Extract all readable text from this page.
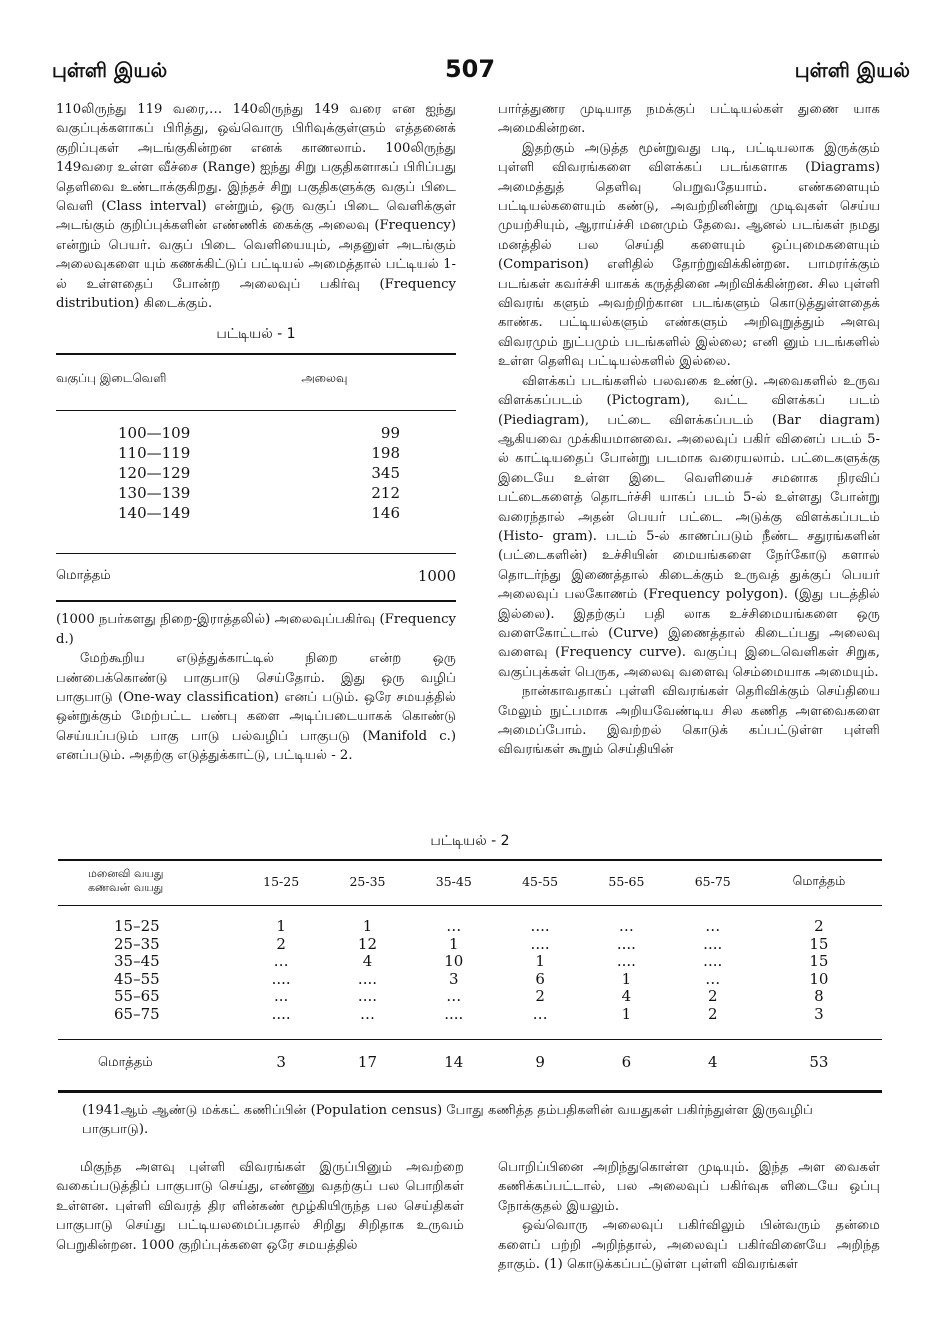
புள்ளி இயல்	507	புள்ளி இயல்

110லிருந்து 119 வரை,… 140லிருந்து 149 வரை என ஐந்து வகுப்புக்களாகப் பிரித்து, ஒவ்வொரு பிரிவுக்குள்ளும் எத்தனைக் குறிப்புகள் அடங்குகின்றன எனக் காணலாம். 100லிருந்து 149வரை உள்ள வீச்சை (Range) ஐந்து சிறு பகுதிகளாகப் பிரிப்பது தெளிவை உண்டாக்குகிறது. இந்தச் சிறு பகுதிகளுக்கு வகுப் பிடை வெளி (Class interval) என்றும், ஒரு வகுப் பிடை வெளிக்குள் அடங்கும் குறிப்புக்களின் எண்ணிக் கைக்கு அலைவு (Frequency) என்றும் பெயர். வகுப் பிடை வெளியையும், அதனுள் அடங்கும் அலைவுகளை யும் கணக்கிட்டுப் பட்டியல் அமைத்தால் பட்டியல் 1-ல் உள்ளதைப் போன்ற அலைவுப் பகிர்வு (Frequency distribution) கிடைக்கும்.

பட்டியல் - 1
வகுப்பு இடைவெளி	அலைவு
100—109	99
110—119	198
120—129	345
130—139	212
140—149	146
மொத்தம்	1000
(1000 நபர்களது நிறை-இராத்தலில்) அலைவுப்பகிர்வு (Frequency d.)

மேற்கூறிய எடுத்துக்காட்டில் நிறை என்ற ஒரு பண்பைக்கொண்டு பாகுபாடு செய்தோம். இது ஒரு வழிப் பாகுபாடு (One-way classification) எனப் படும். ஒரே சமயத்தில் ஒன்றுக்கும் மேற்பட்ட பண்பு களை அடிப்படையாகக் கொண்டு செய்யப்படும் பாகு பாடு பல்வழிப் பாகுபடு (Manifold c.) எனப்படும். அதற்கு எடுத்துக்காட்டு, பட்டியல் - 2.

பார்த்துணர முடியாத நமக்குப் பட்டியல்கள் துணை யாக அமைகின்றன.

இதற்கும் அடுத்த மூன்றுவது படி, பட்டியலாக இருக்கும் புள்ளி விவரங்களை விளக்கப் படங்களாக (Diagrams) அமைத்துத் தெளிவு பெறுவதேயாம். எண்களையும் பட்டியல்களையும் கண்டு, அவற்றினின்று முடிவுகள் செய்ய முயற்சியும், ஆராய்ச்சி மனமும் தேவை. ஆனல் படங்கள் நமது மனத்தில் பல செய்தி களையும் ஒப்புமைகளையும் (Comparison) எளிதில் தோற்றுவிக்கின்றன. பாமரர்க்கும் படங்கள் கவர்ச்சி யாகக் கருத்தினை அறிவிக்கின்றன. சில புள்ளி விவரங் களும் அவற்றிற்கான படங்களும் கொடுத்துள்ளதைக் காண்க. பட்டியல்களும் எண்களும் அறிவுறுத்தும் அளவு விவரமும் நுட்பமும் படங்களில் இல்லை; எனி னும் படங்களில் உள்ள தெளிவு பட்டியல்களில் இல்லை.

விளக்கப் படங்களில் பலவகை உண்டு. அவைகளில் உருவ விளக்கப்படம் (Pictogram), வட்ட விளக்கப் படம் (Piediagram), பட்டை விளக்கப்படம் (Bar diagram) ஆகியவை முக்கியமானவை. அலைவுப் பகிர் வினைப் படம் 5-ல் காட்டியதைப் போன்று படமாக வரையலாம். பட்டைகளுக்கு இடையே உள்ள இடை வெளியைச் சமனாக நிரவிப் பட்டைகளைத் தொடர்ச்சி யாகப் படம் 5-ல் உள்ளது போன்று வரைந்தால் அதன் பெயர் பட்டை அடுக்கு விளக்கப்படம் (Histo- gram). படம் 5-ல் காணப்படும் நீண்ட சதுரங்களின் (பட்டைகளின்) உச்சியின் மையங்களை நேர்கோடு களால் தொடர்ந்து இணைத்தால் கிடைக்கும் உருவத் துக்குப் பெயர் அலைவுப் பலகோணம் (Frequency polygon). (இது படத்தில் இல்லை). இதற்குப் பதி லாக உச்சிமையங்களை ஒரு வளைகோட்டால் (Curve) இணைத்தால் கிடைப்பது அலைவு வளைவு (Frequency curve). வகுப்பு இடைவெளிகள் சிறுக, வகுப்புக்கள் பெருக, அலைவு வளைவு செம்மையாக அமையும்.

நான்காவதாகப் புள்ளி விவரங்கள் தெரிவிக்கும் செய்தியை மேலும் நுட்பமாக அறியவேண்டிய சில கணித அளவைகளை அமைப்போம். இவற்றல் கொடுக் கப்பட்டுள்ள புள்ளி விவரங்கள் கூறும் செய்தியின்

பட்டியல் - 2
மனைவி வயது
கணவன் வயது	15-25	25-35	35-45	45-55	55-65	65-75	மொத்தம்
15–25	1	1	…	....	…	…	2
25–35	2	12	1	....	....	....	15
35–45	…	4	10	1	....	....	15
45–55	....	....	3	6	1	…	10
55–65	...	....	…	2	4	2	8
65–75	....	…	....	…	1	2	3
மொத்தம்	3	17	14	9	6	4	53
(1941ஆம் ஆண்டு மக்கட் கணிப்பின் (Population census) போது கணித்த தம்பதிகளின் வயதுகள் பகிர்ந்துள்ள இருவழிப் பாகுபாடு).

மிகுந்த அளவு புள்ளி விவரங்கள் இருப்பினும் அவற்றை வகைப்படுத்திப் பாகுபாடு செய்து, எண்ணு வதற்குப் பல பொறிகள் உள்ளன. புள்ளி விவரத் திர ளின்கண் மூழ்கியிருந்த பல செய்திகள் பாகுபாடு செய்து பட்டியலமைப்பதால் சிறிது சிறிதாக உருவம் பெறுகின்றன. 1000 குறிப்புக்களை ஒரே சமயத்தில்

பொறிப்பினை அறிந்துகொள்ள முடியும். இந்த அள வைகள் கணிக்கப்பட்டால், பல அலைவுப் பகிர்வுக ளிடையே ஒப்பு நோக்குதல் இயலும்.

ஒவ்வொரு அலைவுப் பகிர்விலும் பின்வரும் தன்மை களைப் பற்றி அறிந்தால், அலைவுப் பகிர்வினையே அறிந்த தாகும். (1) கொடுக்கப்பட்டுள்ள புள்ளி விவரங்கள்
